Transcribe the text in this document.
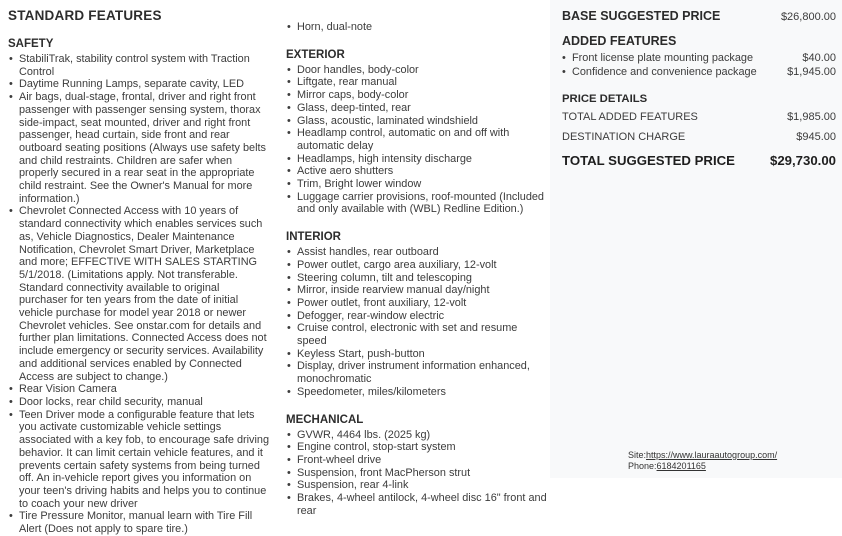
STANDARD FEATURES
SAFETY
• StabiliTrak, stability control system with Traction Control
• Daytime Running Lamps, separate cavity, LED
• Air bags, dual-stage, frontal, driver and right front passenger with passenger sensing system, thorax side-impact, seat mounted, driver and right front passenger, head curtain, side front and rear outboard seating positions (Always use safety belts and child restraints. Children are safer when properly secured in a rear seat in the appropriate child restraint. See the Owner's Manual for more information.)
• Chevrolet Connected Access with 10 years of standard connectivity which enables services such as, Vehicle Diagnostics, Dealer Maintenance Notification, Chevrolet Smart Driver, Marketplace and more; EFFECTIVE WITH SALES STARTING 5/1/2018. (Limitations apply. Not transferable. Standard connectivity available to original purchaser for ten years from the date of initial vehicle purchase for model year 2018 or newer Chevrolet vehicles. See onstar.com for details and further plan limitations. Connected Access does not include emergency or security services. Availability and additional services enabled by Connected Access are subject to change.)
• Rear Vision Camera
• Door locks, rear child security, manual
• Teen Driver mode a configurable feature that lets you activate customizable vehicle settings associated with a key fob, to encourage safe driving behavior. It can limit certain vehicle features, and it prevents certain safety systems from being turned off. An in-vehicle report gives you information on your teen's driving habits and helps you to continue to coach your new driver
• Tire Pressure Monitor, manual learn with Tire Fill Alert (Does not apply to spare tire.)
• Horn, dual-note
EXTERIOR
• Door handles, body-color
• Liftgate, rear manual
• Mirror caps, body-color
• Glass, deep-tinted, rear
• Glass, acoustic, laminated windshield
• Headlamp control, automatic on and off with automatic delay
• Headlamps, high intensity discharge
• Active aero shutters
• Trim, Bright lower window
• Luggage carrier provisions, roof-mounted (Included and only available with (WBL) Redline Edition.)
INTERIOR
• Assist handles, rear outboard
• Power outlet, cargo area auxiliary, 12-volt
• Steering column, tilt and telescoping
• Mirror, inside rearview manual day/night
• Power outlet, front auxiliary, 12-volt
• Defogger, rear-window electric
• Cruise control, electronic with set and resume speed
• Keyless Start, push-button
• Display, driver instrument information enhanced, monochromatic
• Speedometer, miles/kilometers
MECHANICAL
• GVWR, 4464 lbs. (2025 kg)
• Engine control, stop-start system
• Front-wheel drive
• Suspension, front MacPherson strut
• Suspension, rear 4-link
• Brakes, 4-wheel antilock, 4-wheel disc 16" front and rear
BASE SUGGESTED PRICE	$26,800.00
ADDED FEATURES
• Front license plate mounting package	$40.00
• Confidence and convenience package	$1,945.00
PRICE DETAILS
TOTAL ADDED FEATURES	$1,985.00
DESTINATION CHARGE	$945.00
TOTAL SUGGESTED PRICE	$29,730.00
Site:https://www.lauraautogroup.com/
Phone:6184201165
